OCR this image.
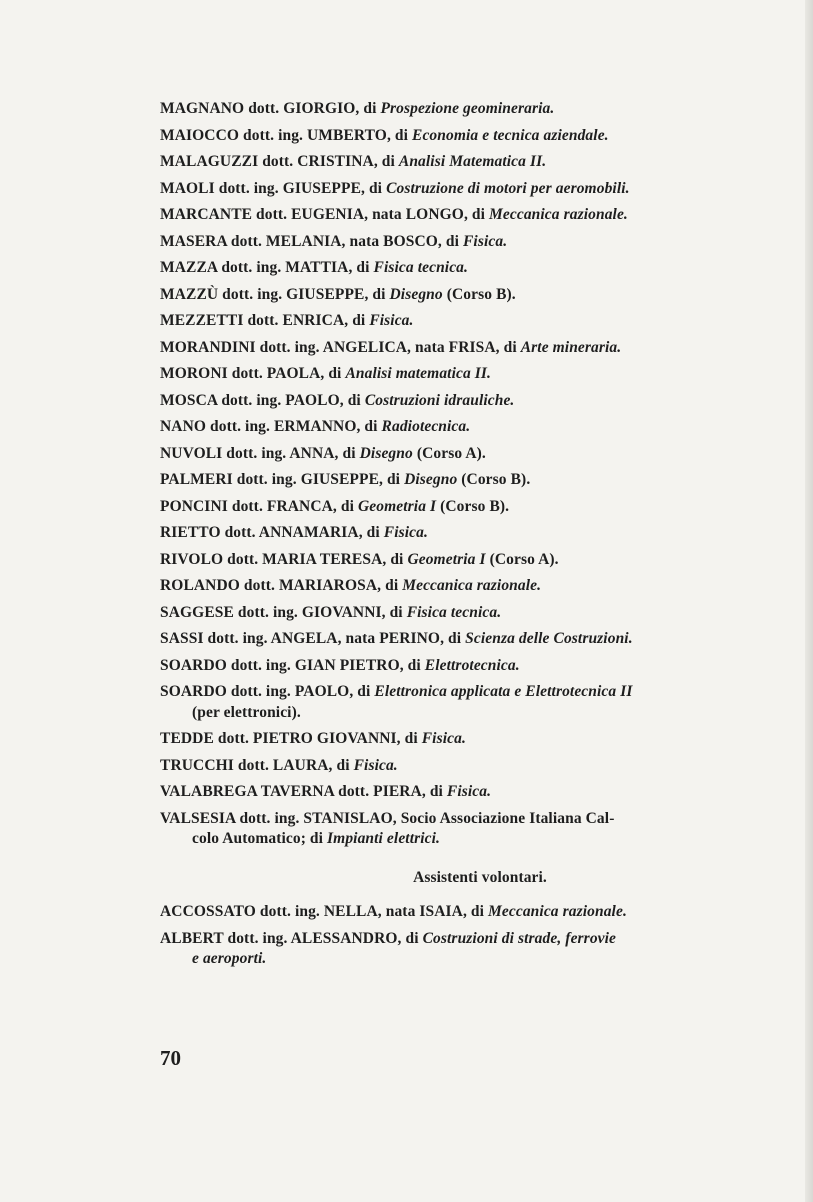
MAGNANO dott. GIORGIO, di Prospezione geomineraria.
MAIOCCO dott. ing. UMBERTO, di Economia e tecnica aziendale.
MALAGUZZI dott. CRISTINA, di Analisi Matematica II.
MAOLI dott. ing. GIUSEPPE, di Costruzione di motori per aeromobili.
MARCANTE dott. EUGENIA, nata LONGO, di Meccanica razionale.
MASERA dott. MELANIA, nata BOSCO, di Fisica.
MAZZA dott. ing. MATTIA, di Fisica tecnica.
MAZZÙ dott. ing. GIUSEPPE, di Disegno (Corso B).
MEZZETTI dott. ENRICA, di Fisica.
MORANDINI dott. ing. ANGELICA, nata FRISA, di Arte mineraria.
MORONI dott. PAOLA, di Analisi matematica II.
MOSCA dott. ing. PAOLO, di Costruzioni idrauliche.
NANO dott. ing. ERMANNO, di Radiotecnica.
NUVOLI dott. ing. ANNA, di Disegno (Corso A).
PALMERI dott. ing. GIUSEPPE, di Disegno (Corso B).
PONCINI dott. FRANCA, di Geometria I (Corso B).
RIETTO dott. ANNAMARIA, di Fisica.
RIVOLO dott. MARIA TERESA, di Geometria I (Corso A).
ROLANDO dott. MARIAROSA, di Meccanica razionale.
SAGGESE dott. ing. GIOVANNI, di Fisica tecnica.
SASSI dott. ing. ANGELA, nata PERINO, di Scienza delle Costruzioni.
SOARDO dott. ing. GIAN PIETRO, di Elettrotecnica.
SOARDO dott. ing. PAOLO, di Elettronica applicata e Elettrotecnica II
(per elettronici).
TEDDE dott. PIETRO GIOVANNI, di Fisica.
TRUCCHI dott. LAURA, di Fisica.
VALABREGA TAVERNA dott. PIERA, di Fisica.
VALSESIA dott. ing. STANISLAO, Socio Associazione Italiana Cal-
colo Automatico; di Impianti elettrici.
Assistenti volontari.
ACCOSSATO dott. ing. NELLA, nata ISAIA, di Meccanica razionale.
ALBERT dott. ing. ALESSANDRO, di Costruzioni di strade, ferrovie
e aeroporti.
70
